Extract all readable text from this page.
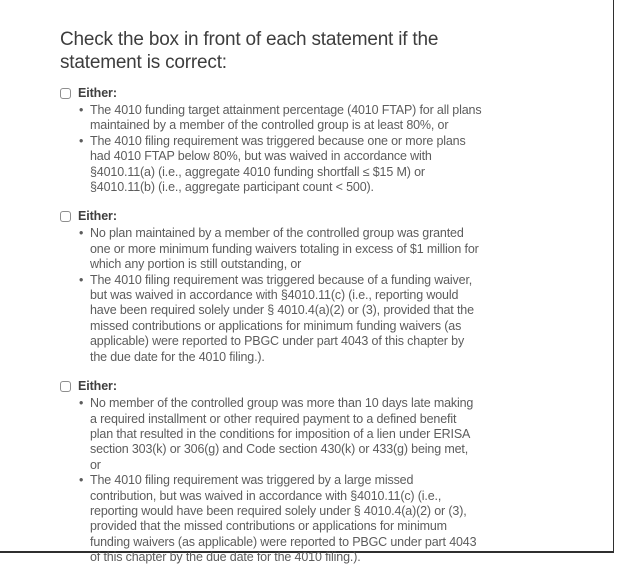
Check the box in front of each statement if the statement is correct:
Either:
• The 4010 funding target attainment percentage (4010 FTAP) for all plans maintained by a member of the controlled group is at least 80%, or
• The 4010 filing requirement was triggered because one or more plans had 4010 FTAP below 80%, but was waived in accordance with §4010.11(a) (i.e., aggregate 4010 funding shortfall ≤ $15 M) or §4010.11(b) (i.e., aggregate participant count < 500).
Either:
• No plan maintained by a member of the controlled group was granted one or more minimum funding waivers totaling in excess of $1 million for which any portion is still outstanding, or
• The 4010 filing requirement was triggered because of a funding waiver, but was waived in accordance with §4010.11(c) (i.e., reporting would have been required solely under § 4010.4(a)(2) or (3), provided that the missed contributions or applications for minimum funding waivers (as applicable) were reported to PBGC under part 4043 of this chapter by the due date for the 4010 filing.).
Either:
• No member of the controlled group was more than 10 days late making a required installment or other required payment to a defined benefit plan that resulted in the conditions for imposition of a lien under ERISA section 303(k) or 306(g) and Code section 430(k) or 433(g) being met, or
• The 4010 filing requirement was triggered by a large missed contribution, but was waived in accordance with §4010.11(c) (i.e., reporting would have been required solely under § 4010.4(a)(2) or (3), provided that the missed contributions or applications for minimum funding waivers (as applicable) were reported to PBGC under part 4043 of this chapter by the due date for the 4010 filing.).
